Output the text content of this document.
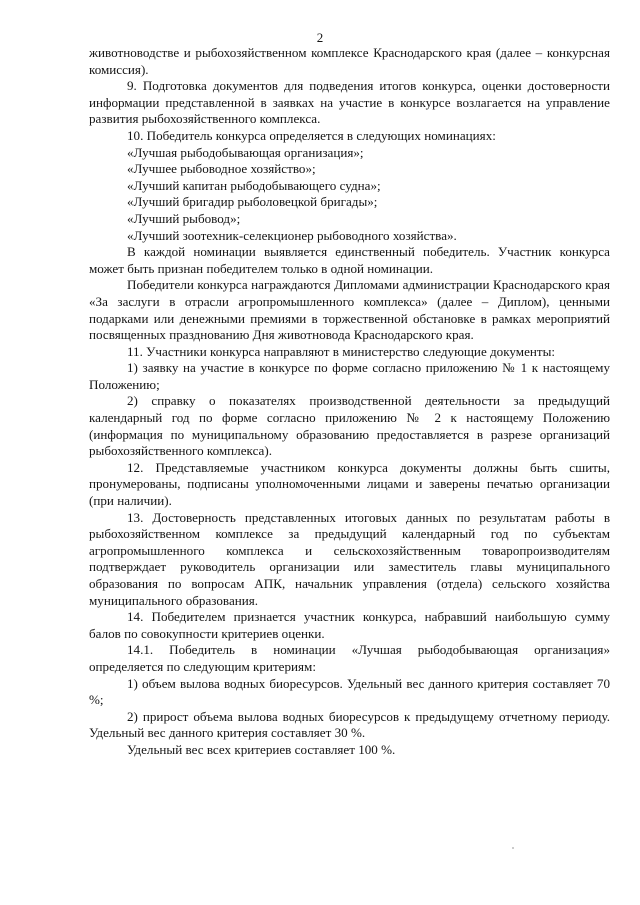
2

животноводстве и рыбохозяйственном комплексе Краснодарского края (далее – конкурсная комиссия).

9. Подготовка документов для подведения итогов конкурса, оценки достоверности информации представленной в заявках на участие в конкурсе возлагается на управление развития рыбохозяйственного комплекса.

10. Победитель конкурса определяется в следующих номинациях:

«Лучшая рыбодобывающая организация»;

«Лучшее рыбоводное хозяйство»;

«Лучший капитан рыбодобывающего судна»;

«Лучший бригадир рыболовецкой бригады»;

«Лучший рыбовод»;

«Лучший зоотехник-селекционер рыбоводного хозяйства».

В каждой номинации выявляется единственный победитель. Участник конкурса может быть признан победителем только в одной номинации.

Победители конкурса награждаются Дипломами администрации Краснодарского края «За заслуги в отрасли агропромышленного комплекса» (далее – Диплом), ценными подарками или денежными премиями в торжественной обстановке в рамках мероприятий посвященных празднованию Дня животновода Краснодарского края.

11. Участники конкурса направляют в министерство следующие документы:

1) заявку на участие в конкурсе по форме согласно приложению № 1 к настоящему Положению;

2) справку о показателях производственной деятельности за предыдущий календарный год по форме согласно приложению № 2 к настоящему Положению (информация по муниципальному образованию предоставляется в разрезе организаций рыбохозяйственного комплекса).

12. Представляемые участником конкурса документы должны быть сшиты, пронумерованы, подписаны уполномоченными лицами и заверены печатью организации (при наличии).

13. Достоверность представленных итоговых данных по результатам работы в рыбохозяйственном комплексе за предыдущий календарный год по субъектам агропромышленного комплекса и сельскохозяйственным товаропроизводителям подтверждает руководитель организации или заместитель главы муниципального образования по вопросам АПК, начальник управления (отдела) сельского хозяйства муниципального образования.

14. Победителем признается участник конкурса, набравший наибольшую сумму балов по совокупности критериев оценки.

14.1. Победитель в номинации «Лучшая рыбодобывающая организация» определяется по следующим критериям:

1) объем вылова водных биоресурсов. Удельный вес данного критерия составляет 70 %;

2) прирост объема вылова водных биоресурсов к предыдущему отчетному периоду. Удельный вес данного критерия составляет 30 %.

Удельный вес всех критериев составляет 100 %.
